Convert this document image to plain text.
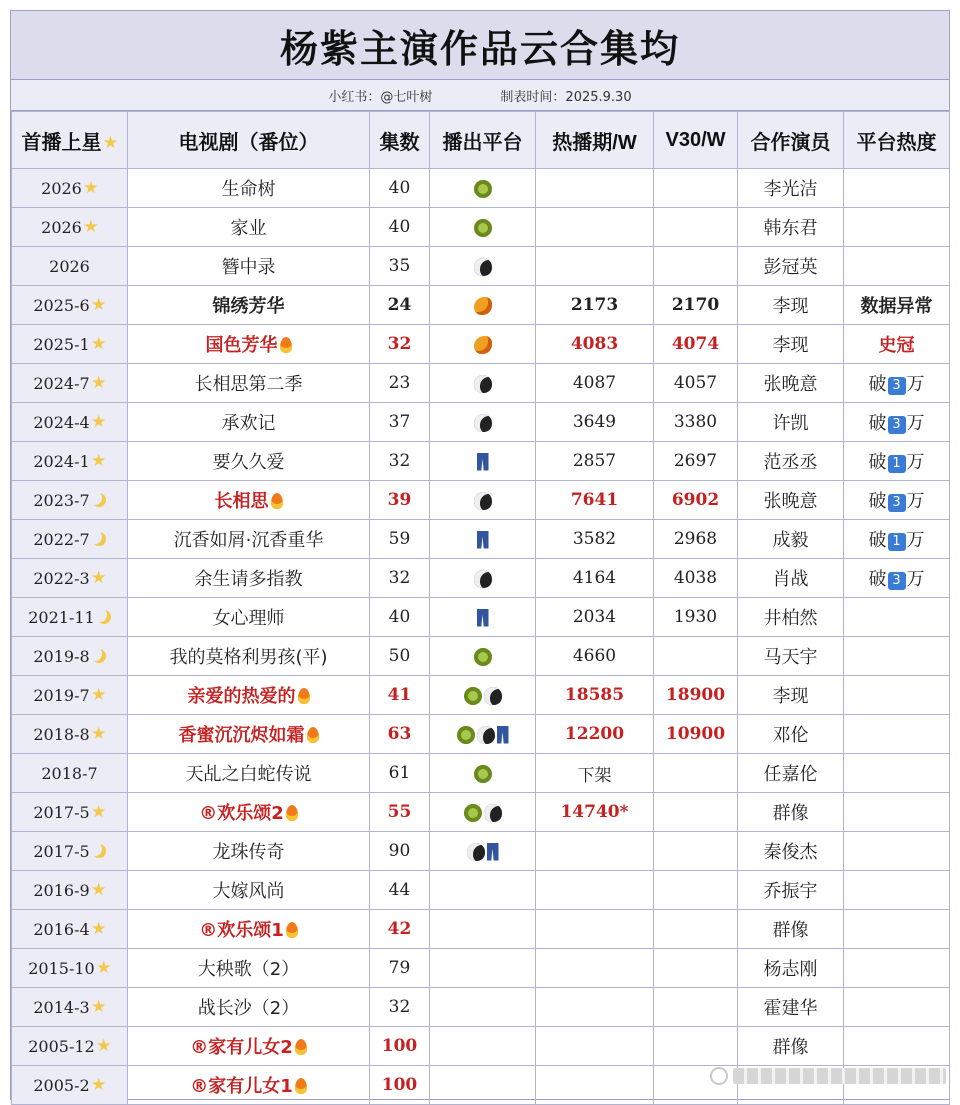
杨紫主演作品云合集均
小红书：@七叶树	制表时间：2025.9.30
首播上星	电视剧（番位）	集数	播出平台	热播期/W	V30/W	合作演员	平台热度
2026	生命树	40				李光洁	
2026	家业	40				韩东君	
2026	簪中录	35				彭冠英	
2025-6	锦绣芳华	24		2173	2170	李现	数据异常
2025-1	国色芳华	32		4083	4074	李现	史冠
2024-7	长相思第二季	23		4087	4057	张晚意	破 3 万
2024-4	承欢记	37		3649	3380	许凯	破 3 万
2024-1	要久久爱	32		2857	2697	范丞丞	破 1 万
2023-7	长相思	39		7641	6902	张晚意	破 3 万
2022-7	沉香如屑·沉香重华	59		3582	2968	成毅	破 1 万
2022-3	余生请多指教	32		4164	4038	肖战	破 3 万
2021-11	女心理师	40		2034	1930	井柏然	
2019-8	我的莫格利男孩(平)	50		4660		马天宇	
2019-7	亲爱的热爱的	41		18585	18900	李现	
2018-8	香蜜沉沉烬如霜	63		12200	10900	邓伦	
2018-7	天乩之白蛇传说	61		下架		任嘉伦	
2017-5	®欢乐颂2	55		14740*		群像	
2017-5	龙珠传奇	90				秦俊杰	
2016-9	大嫁风尚	44				乔振宇	
2016-4	®欢乐颂1	42				群像	
2015-10	大秧歌（2）	79				杨志刚	
2014-3	战长沙（2）	32				霍建华	
2005-12	®家有儿女2	100				群像	
2005-2	®家有儿女1	100					
